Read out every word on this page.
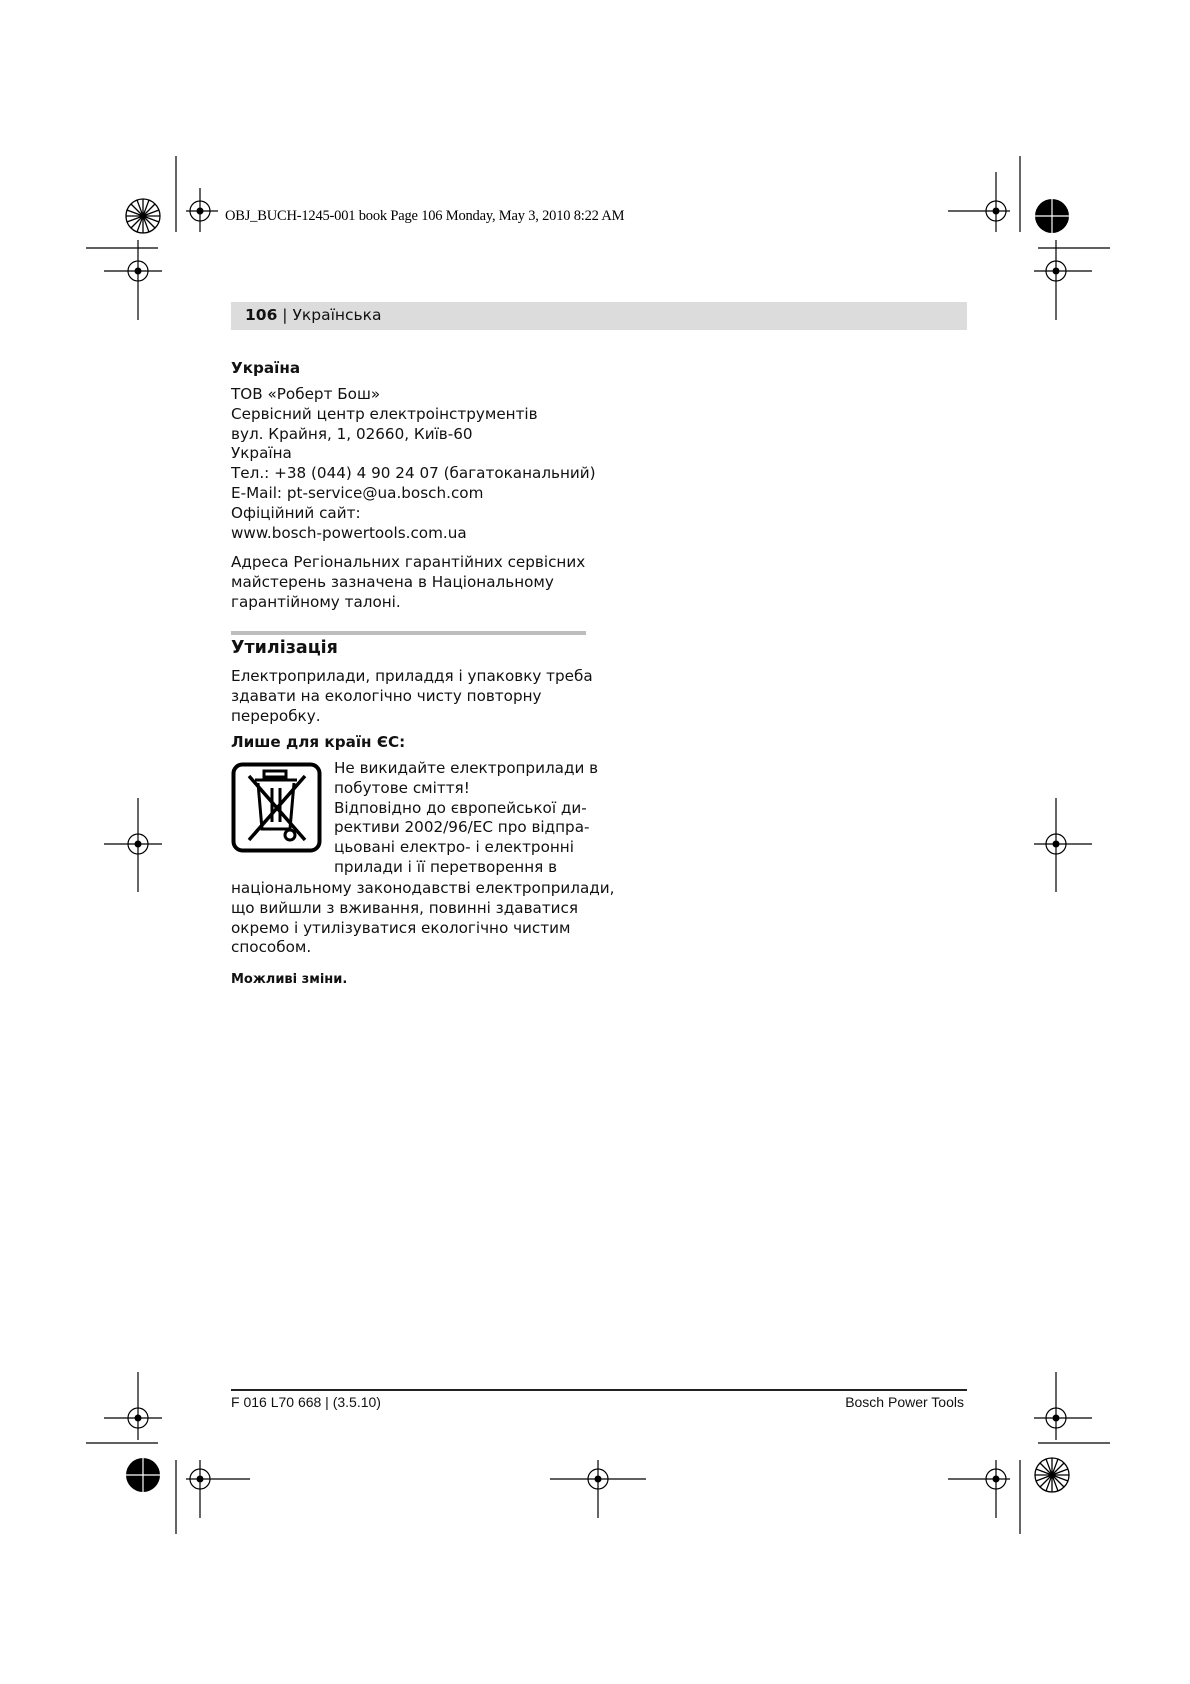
OBJ_BUCH-1245-001 book Page 106 Monday, May 3, 2010 8:22 AM
106 | Українська
Україна

ТОВ «Роберт Бош»

Сервісний центр електроінструментів

вул. Крайня, 1, 02660, Київ-60

Україна

Тел.: +38 (044) 4 90 24 07 (багатоканальний)

E-Mail: pt-service@ua.bosch.com

Офіційний сайт:

www.bosch-powertools.com.ua

Адреса Регіональних гарантійних сервісних

майстерень зазначена в Національному

гарантійному талоні.

Утилізація

Електроприлади, приладдя і упаковку треба

здавати на екологічно чисту повторну

переробку.

Лише для країн ЄС:

Не викидайте електроприлади в

побутове сміття!

Відповідно до європейської ди-

рективи 2002/96/EC про відпра-

цьовані електро- і електронні

прилади і її перетворення в

національному законодавстві електроприлади,

що вийшли з вживання, повинні здаватися

окремо і утилізуватися екологічно чистим

способом.

Можливі зміни.
F 016 L70 668 | (3.5.10)	Bosch Power Tools
